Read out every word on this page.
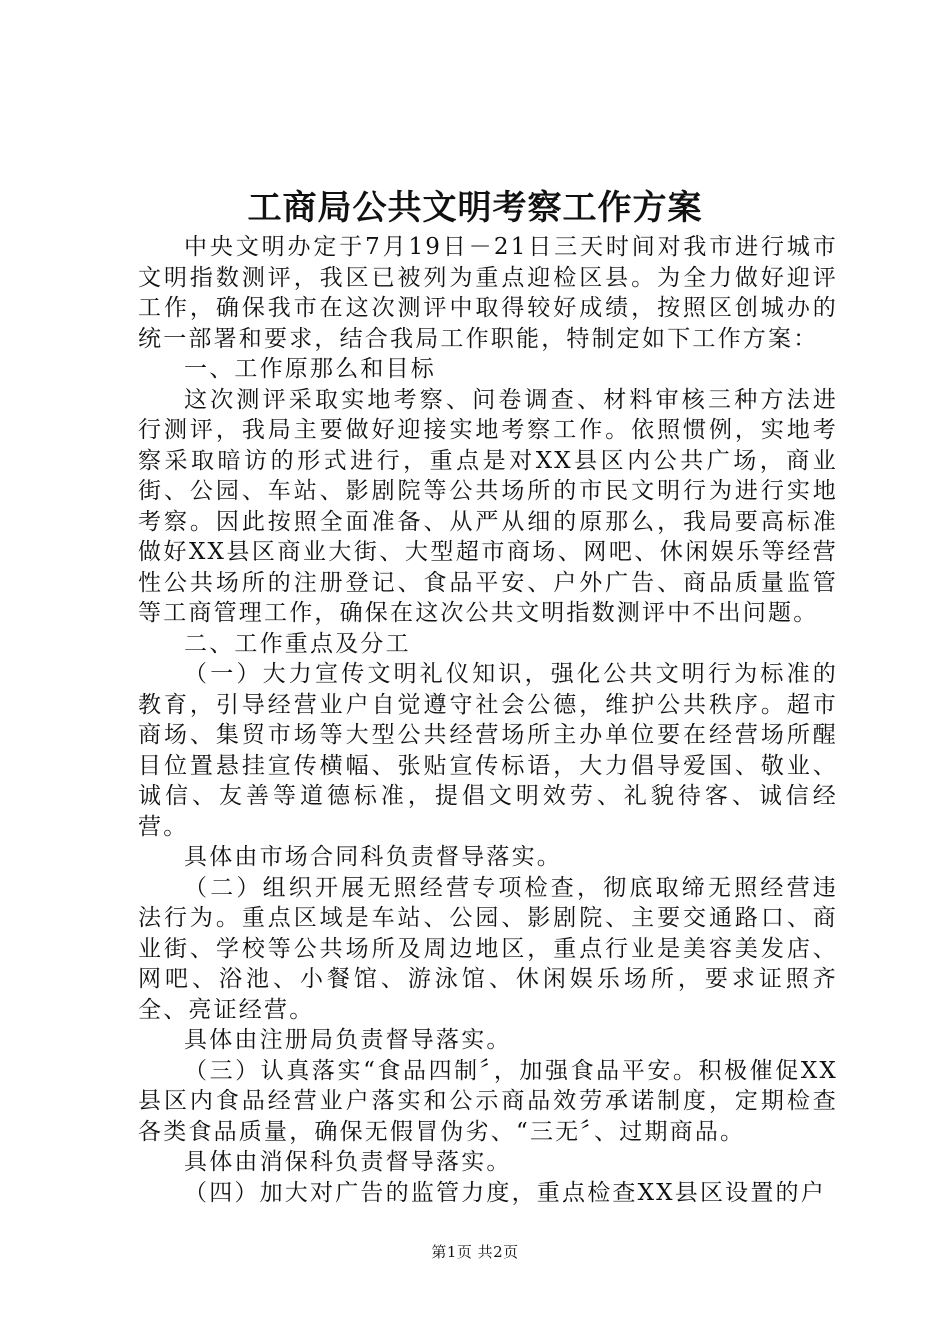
工商局公共文明考察工作方案

中央文明办定于7月19日－21日三天时间对我市进行城市文明指数测评，我区已被列为重点迎检区县。为全力做好迎评工作，确保我市在这次测评中取得较好成绩，按照区创城办的统一部署和要求，结合我局工作职能，特制定如下工作方案：

一、工作原那么和目标

这次测评采取实地考察、问卷调查、材料审核三种方法进行测评，我局主要做好迎接实地考察工作。依照惯例，实地考察采取暗访的形式进行，重点是对XX县区内公共广场，商业街、公园、车站、影剧院等公共场所的市民文明行为进行实地考察。因此按照全面准备、从严从细的原那么，我局要高标准做好XX县区商业大街、大型超市商场、网吧、休闲娱乐等经营性公共场所的注册登记、食品平安、户外广告、商品质量监管等工商管理工作，确保在这次公共文明指数测评中不出问题。

二、工作重点及分工

（一）大力宣传文明礼仪知识，强化公共文明行为标准的教育，引导经营业户自觉遵守社会公德，维护公共秩序。超市商场、集贸市场等大型公共经营场所主办单位要在经营场所醒目位置悬挂宣传横幅、张贴宣传标语，大力倡导爱国、敬业、诚信、友善等道德标准，提倡文明效劳、礼貌待客、诚信经营。

具体由市场合同科负责督导落实。

（二）组织开展无照经营专项检查，彻底取缔无照经营违法行为。重点区域是车站、公园、影剧院、主要交通路口、商业街、学校等公共场所及周边地区，重点行业是美容美发店、网吧、浴池、小餐馆、游泳馆、休闲娱乐场所，要求证照齐全、亮证经营。

具体由注册局负责督导落实。

（三）认真落实“食品四制〞，加强食品平安。积极催促XX县区内食品经营业户落实和公示商品效劳承诺制度，定期检查各类食品质量，确保无假冒伪劣、“三无〞、过期商品。

具体由消保科负责督导落实。

（四）加大对广告的监管力度，重点检查XX县区设置的户

第1页 共2页
